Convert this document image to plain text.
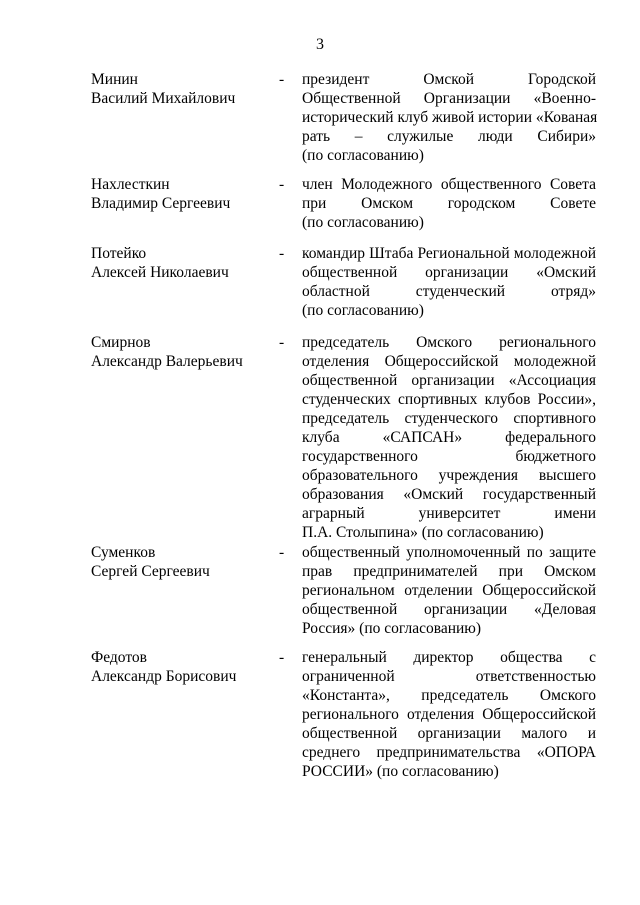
3
Минин
Василий Михайлович
- президент Омской Городской
Общественной Организации «Военно-
исторический клуб живой истории «Кованая
рать – служилые люди Сибири»
(по согласованию)
Нахлесткин
Владимир Сергеевич
- член Молодежного общественного Совета
при Омском городском Совете
(по согласованию)
Потейко
Алексей Николаевич
- командир Штаба Региональной молодежной
общественной организации «Омский
областной студенческий отряд»
(по согласованию)
Смирнов
Александр Валерьевич
- председатель Омского регионального
отделения Общероссийской молодежной
общественной организации «Ассоциация
студенческих спортивных клубов России»,
председатель студенческого спортивного
клуба «САПСАН» федерального
государственного бюджетного
образовательного учреждения высшего
образования «Омский государственный
аграрный университет имени
П.А. Столыпина» (по согласованию)
Суменков
Сергей Сергеевич
- общественный уполномоченный по защите
прав предпринимателей при Омском
региональном отделении Общероссийской
общественной организации «Деловая
Россия» (по согласованию)
Федотов
Александр Борисович
- генеральный директор общества с
ограниченной ответственностью
«Константа», председатель Омского
регионального отделения Общероссийской
общественной организации малого и
среднего предпринимательства «ОПОРА
РОССИИ» (по согласованию)
